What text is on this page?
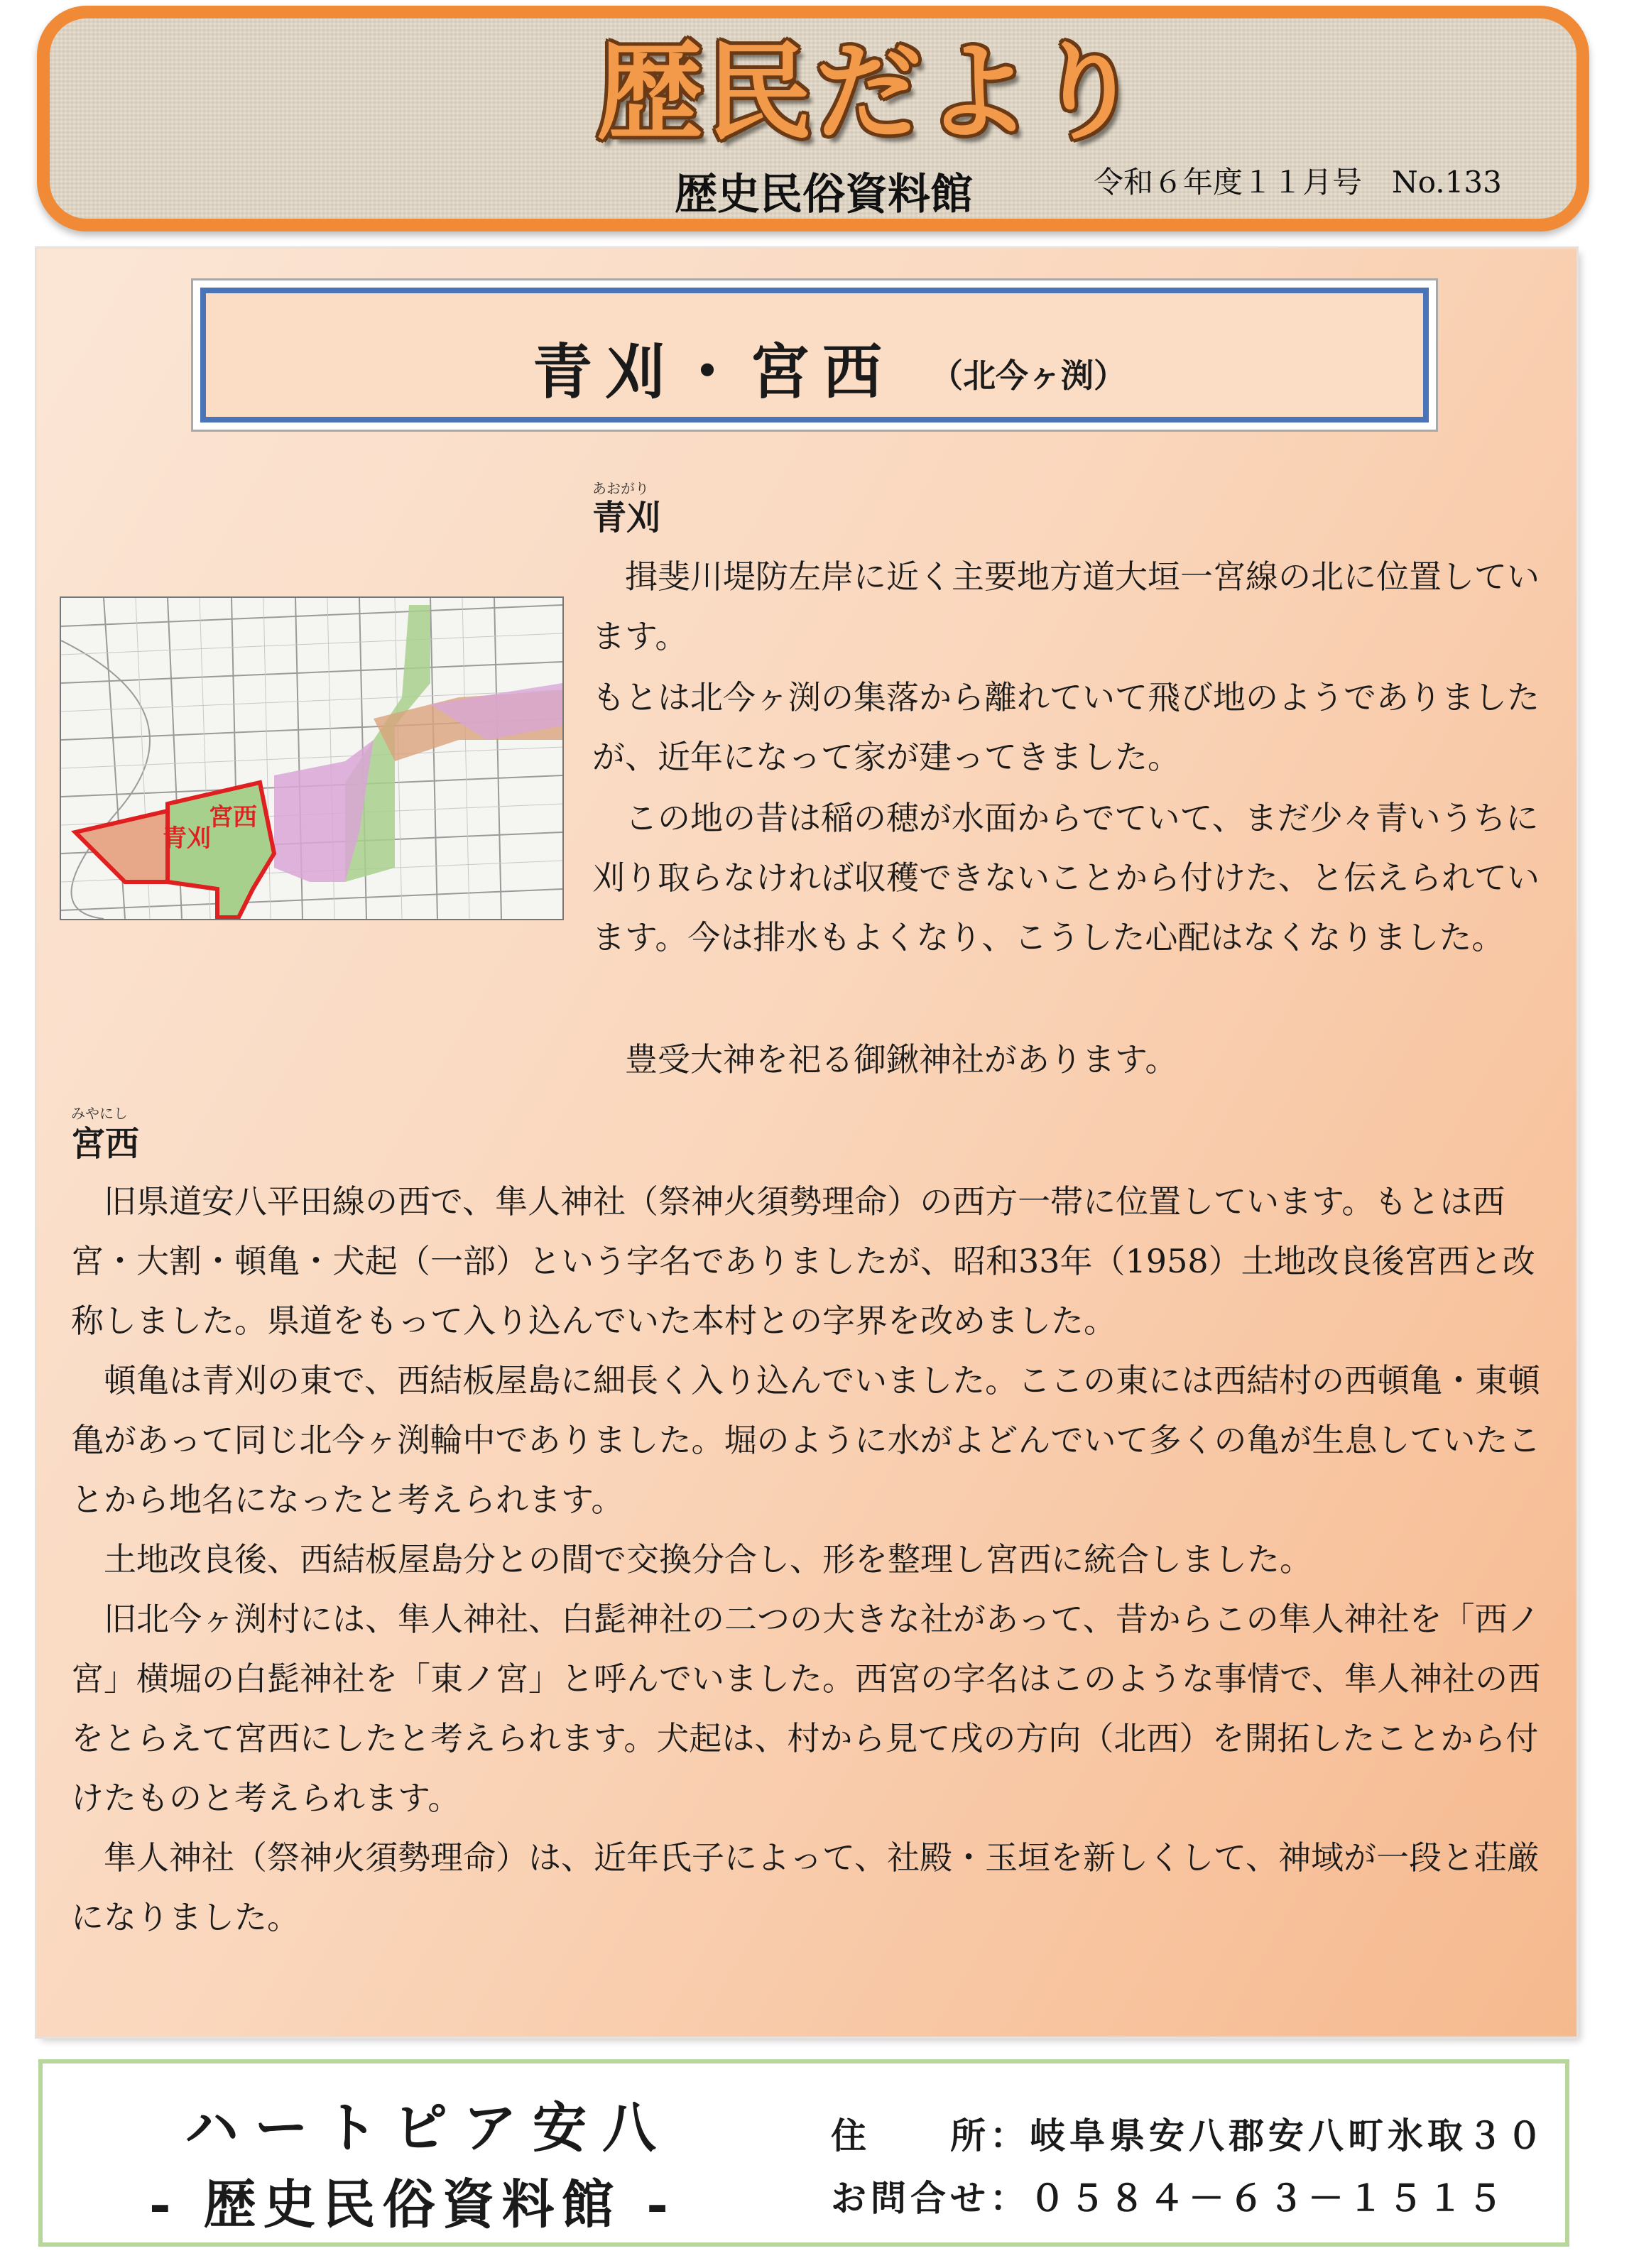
歴民だより
歴史民俗資料館	令和６年度１１月号　No.133
青刈・宮西 （北今ヶ渕）
青刈
宮西
あおがり
青刈

揖斐川堤防左岸に近く主要地方道大垣一宮線の北に位置しています。

もとは北今ヶ渕の集落から離れていて飛び地のようでありましたが、近年になって家が建ってきました。

この地の昔は稲の穂が水面からでていて、まだ少々青いうちに刈り取らなければ収穫できないことから付けた、と伝えられています。今は排水もよくなり、こうした心配はなくなりました。

豊受大神を祀る御鍬神社があります。

みやにし
宮西

旧県道安八平田線の西で、隼人神社（祭神火須勢理命）の西方一帯に位置しています。もとは西宮・大割・頓亀・犬起（一部）という字名でありましたが、昭和33年（1958）土地改良後宮西と改称しました。県道をもって入り込んでいた本村との字界を改めました。

頓亀は青刈の東で、西結板屋島に細長く入り込んでいました。ここの東には西結村の西頓亀・東頓亀があって同じ北今ヶ渕輪中でありました。堀のように水がよどんでいて多くの亀が生息していたことから地名になったと考えられます。

土地改良後、西結板屋島分との間で交換分合し、形を整理し宮西に統合しました。

旧北今ヶ渕村には、隼人神社、白髭神社の二つの大きな社があって、昔からこの隼人神社を「西ノ宮」横堀の白髭神社を「東ノ宮」と呼んでいました。西宮の字名はこのような事情で、隼人神社の西をとらえて宮西にしたと考えられます。犬起は、村から見て戌の方向（北西）を開拓したことから付けたものと考えられます。

隼人神社（祭神火須勢理命）は、近年氏子によって、社殿・玉垣を新しくして、神域が一段と荘厳になりました。

ハートピア安八
- 歴史民俗資料館 -
住　　所：岐阜県安八郡安八町氷取３０
お問合せ：０５８４－６３－１５１５
